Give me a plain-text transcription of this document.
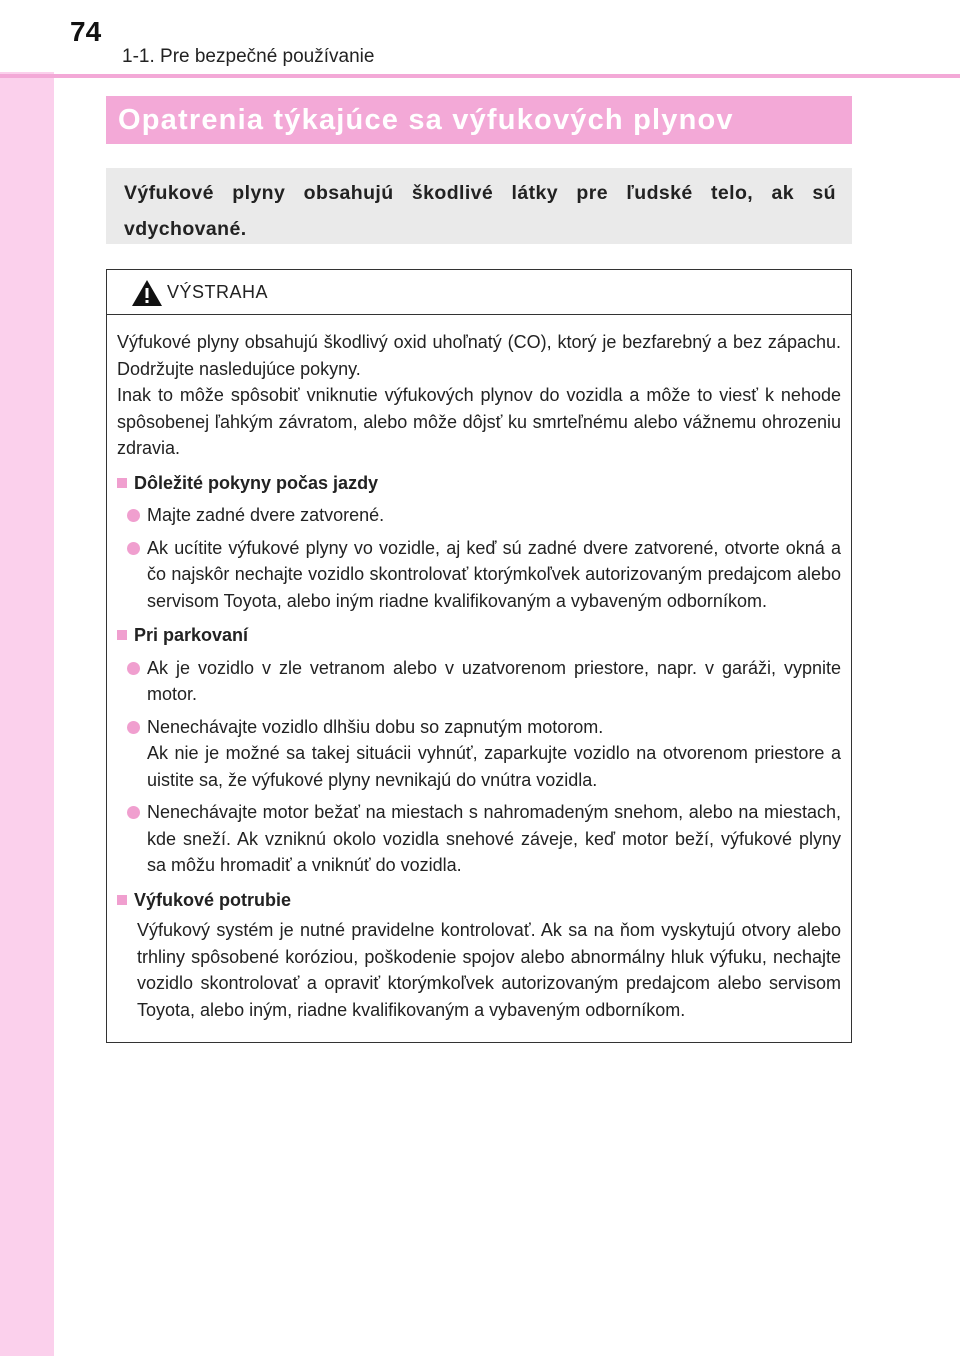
74
1-1. Pre bezpečné používanie
Opatrenia týkajúce sa výfukových plynov
Výfukové plyny obsahujú škodlivé látky pre ľudské telo, ak sú vdychované.
VÝSTRAHA

Výfukové plyny obsahujú škodlivý oxid uhoľnatý (CO), ktorý je bezfarebný a bez zápachu. Dodržujte nasledujúce pokyny.

Inak to môže spôsobiť vniknutie výfukových plynov do vozidla a môže to viesť k nehode spôsobenej ľahkým závratom, alebo môže dôjsť ku smrteľnému alebo vážnemu ohrozeniu zdravia.

Dôležité pokyny počas jazdy
Majte zadné dvere zatvorené.
Ak ucítite výfukové plyny vo vozidle, aj keď sú zadné dvere zatvorené, otvorte okná a čo najskôr nechajte vozidlo skontrolovať ktorýmkoľvek autorizovaným predajcom alebo servisom Toyota, alebo iným riadne kvalifikovaným a vybaveným odborníkom.
Pri parkovaní
Ak je vozidlo v zle vetranom alebo v uzatvorenom priestore, napr. v garáži, vypnite motor.
Nenechávajte vozidlo dlhšiu dobu so zapnutým motorom.
Ak nie je možné sa takej situácii vyhnúť, zaparkujte vozidlo na otvorenom priestore a uistite sa, že výfukové plyny nevnikajú do vnútra vozidla.
Nenechávajte motor bežať na miestach s nahromadeným snehom, alebo na miestach, kde sneží. Ak vzniknú okolo vozidla snehové záveje, keď motor beží, výfukové plyny sa môžu hromadiť a vniknúť do vozidla.
Výfukové potrubie
Výfukový systém je nutné pravidelne kontrolovať. Ak sa na ňom vyskytujú otvory alebo trhliny spôsobené koróziou, poškodenie spojov alebo abnormálny hluk výfuku, nechajte vozidlo skontrolovať a opraviť ktorýmkoľvek autorizovaným predajcom alebo servisom Toyota, alebo iným, riadne kvalifikovaným a vybaveným odborníkom.
